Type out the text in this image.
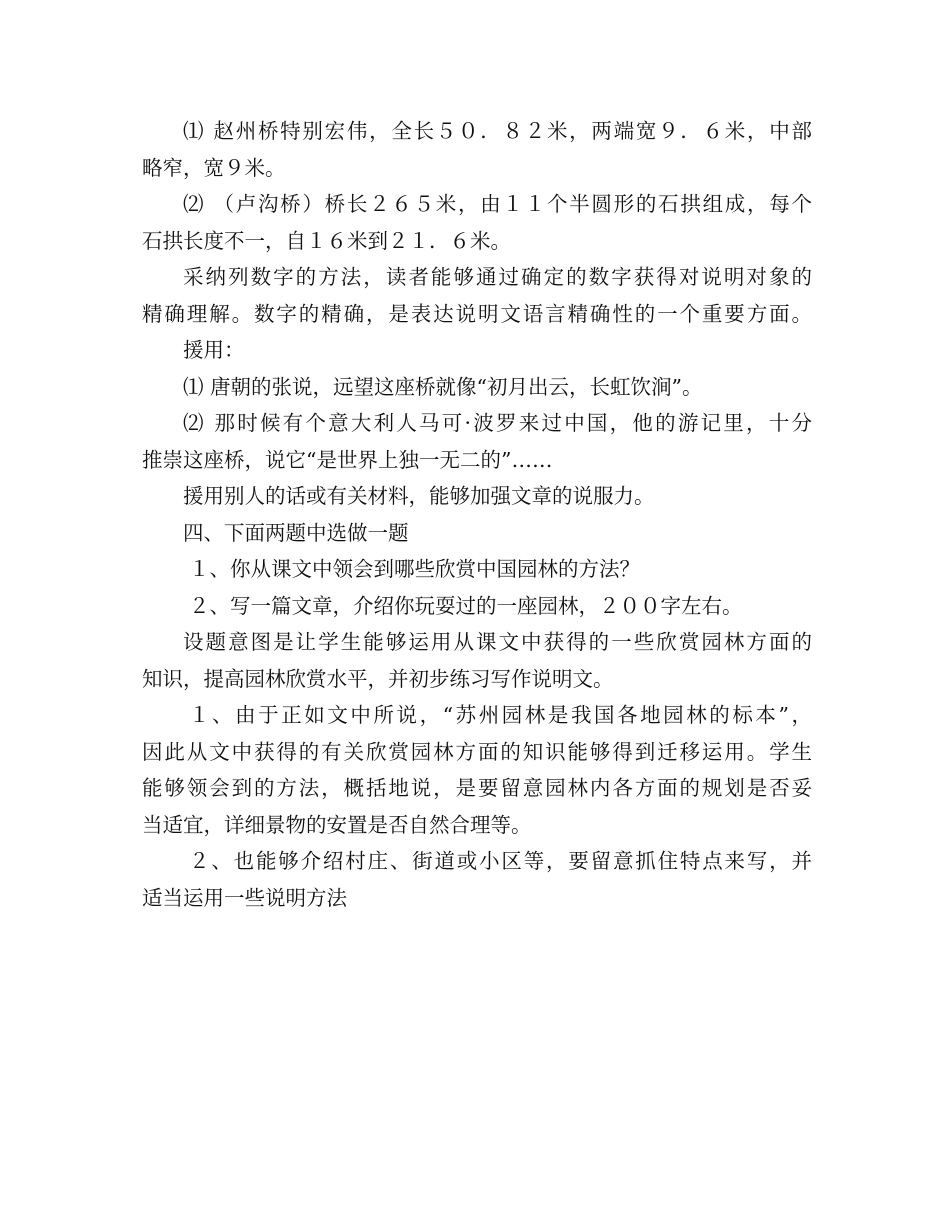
⑴ 赵州桥特别宏伟，全长５０．８２米，两端宽９．６米，中部
略窄，宽９米。
⑵ （卢沟桥）桥长２６５米，由１１个半圆形的石拱组成，每个
石拱长度不一，自１６米到２１．６米。
采纳列数字的方法，读者能够通过确定的数字获得对说明对象的
精确理解。数字的精确，是表达说明文语言精确性的一个重要方面。
援用：
⑴ 唐朝的张说，远望这座桥就像“初月出云，长虹饮涧”。
⑵ 那时候有个意大利人马可·波罗来过中国，他的游记里，十分
推崇这座桥，说它“是世界上独一无二的”……
援用别人的话或有关材料，能够加强文章的说服力。
四、下面两题中选做一题
１、你从课文中领会到哪些欣赏中国园林的方法？
２、写一篇文章，介绍你玩耍过的一座园林，２００字左右。
设题意图是让学生能够运用从课文中获得的一些欣赏园林方面的
知识，提高园林欣赏水平，并初步练习写作说明文。
１、由于正如文中所说，“苏州园林是我国各地园林的标本”，
因此从文中获得的有关欣赏园林方面的知识能够得到迁移运用。学生
能够领会到的方法，概括地说，是要留意园林内各方面的规划是否妥
当适宜，详细景物的安置是否自然合理等。
２、也能够介绍村庄、街道或小区等，要留意抓住特点来写，并
适当运用一些说明方法
